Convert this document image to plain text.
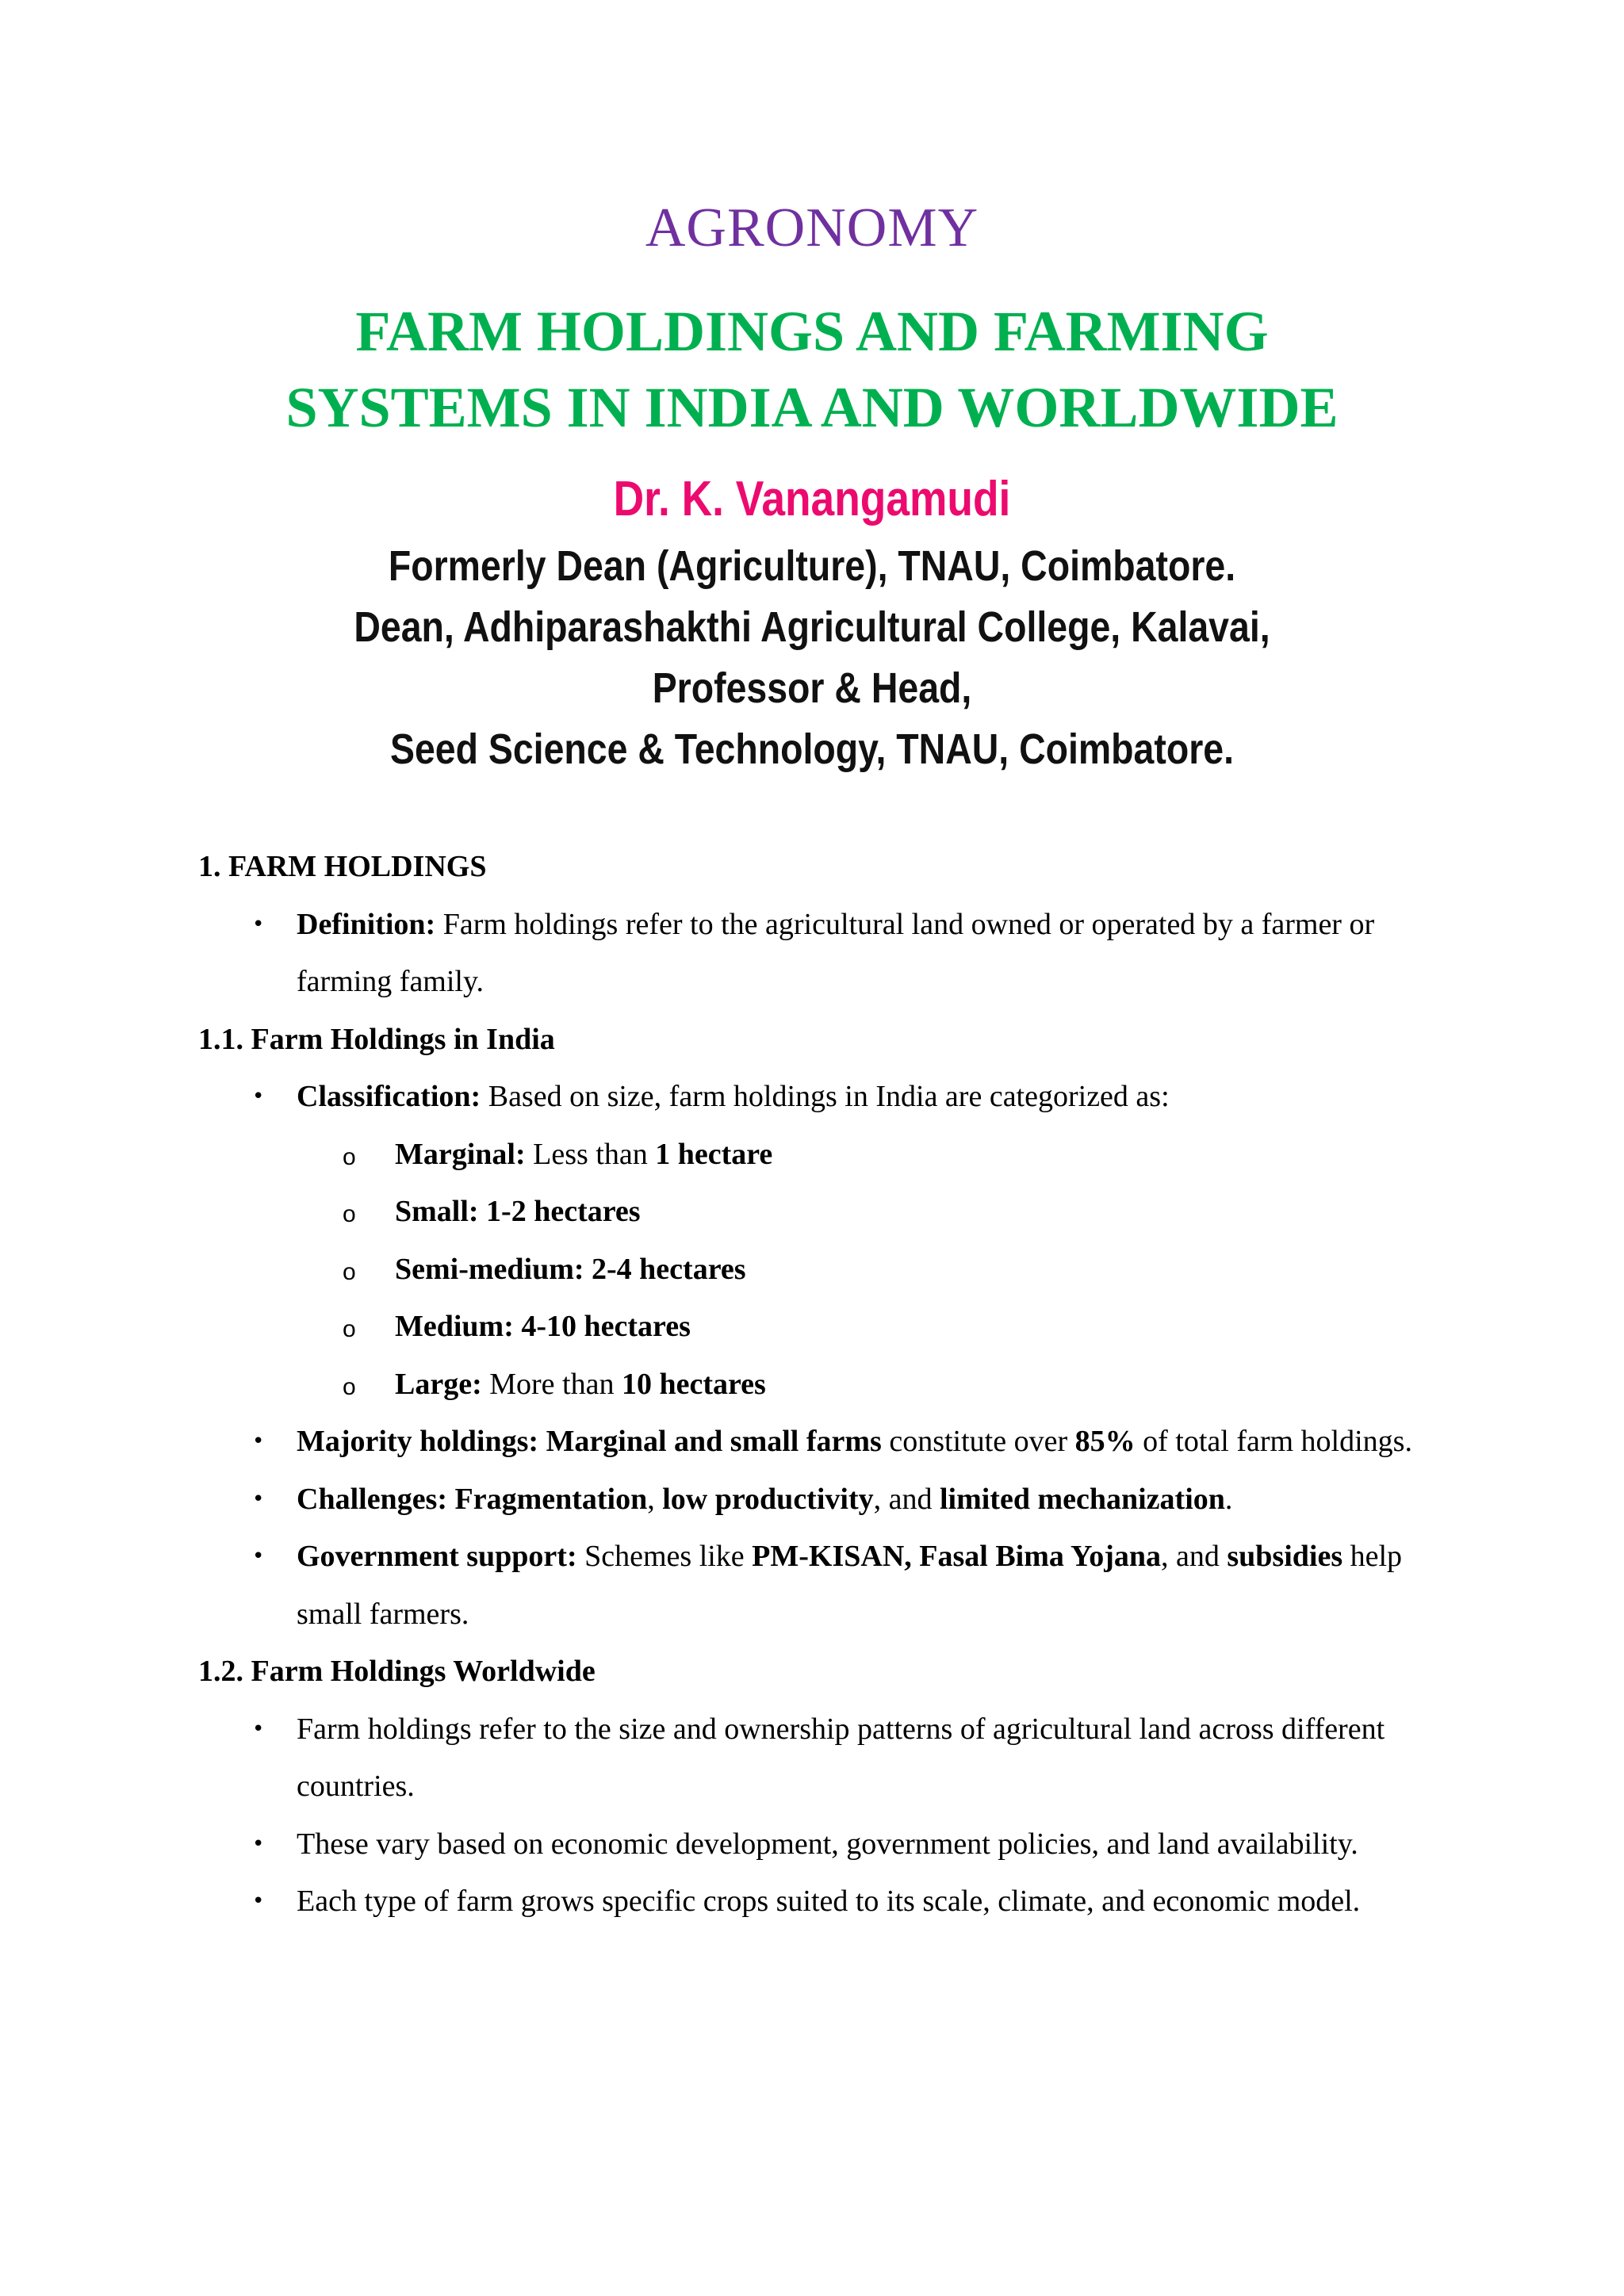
AGRONOMY
FARM HOLDINGS AND FARMING
SYSTEMS IN INDIA AND WORLDWIDE
Dr. K. Vanangamudi
Formerly Dean (Agriculture), TNAU, Coimbatore.
Dean, Adhiparashakthi Agricultural College, Kalavai,
Professor & Head,
Seed Science & Technology, TNAU, Coimbatore.

1. FARM HOLDINGS

• Definition: Farm holdings refer to the agricultural land owned or operated by a farmer or farming family.

1.1. Farm Holdings in India

• Classification: Based on size, farm holdings in India are categorized as:
o Marginal: Less than 1 hectare
o Small: 1-2 hectares
o Semi-medium: 2-4 hectares
o Medium: 4-10 hectares
o Large: More than 10 hectares
• Majority holdings: Marginal and small farms constitute over 85% of total farm holdings.
• Challenges: Fragmentation, low productivity, and limited mechanization.
• Government support: Schemes like PM-KISAN, Fasal Bima Yojana, and subsidies help small farmers.

1.2. Farm Holdings Worldwide

• Farm holdings refer to the size and ownership patterns of agricultural land across different countries.
• These vary based on economic development, government policies, and land availability.
• Each type of farm grows specific crops suited to its scale, climate, and economic model.
